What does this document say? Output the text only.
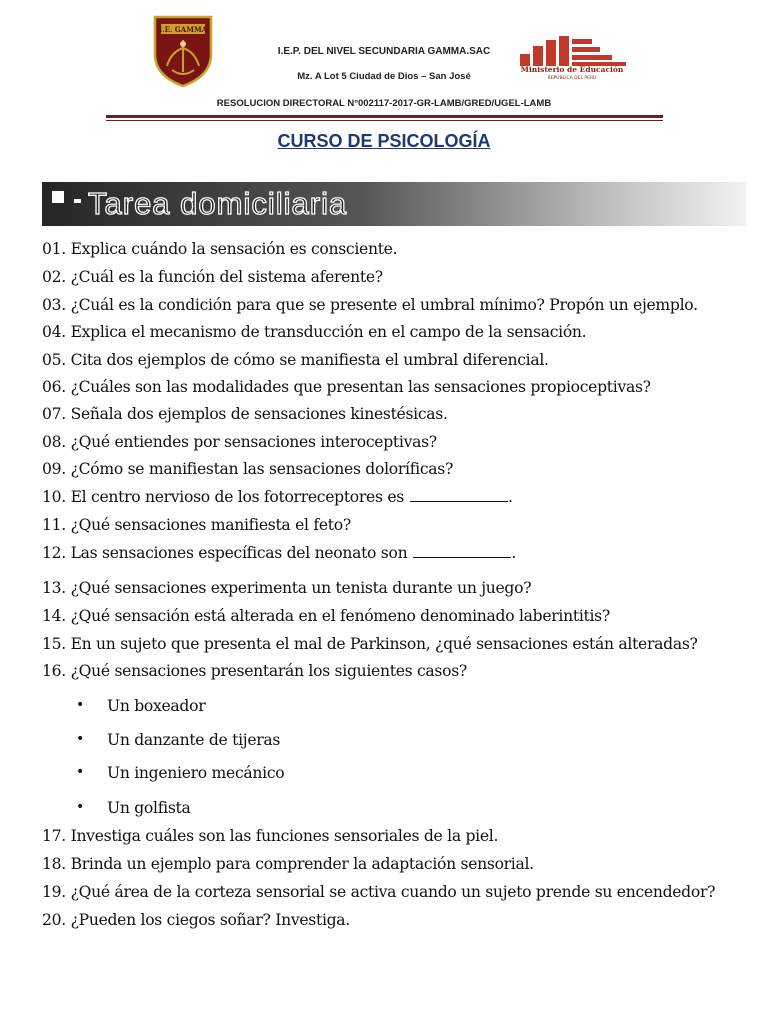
I.E. GAMMA
I.E.P. DEL NIVEL SECUNDARIA GAMMA.SAC
Mz. A Lot 5 Ciudad de Dios – San José
Ministerio de Educación
REPÚBLICA DEL PERÚ
RESOLUCION DIRECTORAL N°002117-2017-GR-LAMB/GRED/UGEL-LAMB
CURSO DE PSICOLOGÍA
Tarea domiciliaria
01. Explica cuándo la sensación es consciente.
02. ¿Cuál es la función del sistema aferente?
03. ¿Cuál es la condición para que se presente el umbral mínimo? Propón un ejemplo.
04. Explica el mecanismo de transducción en el campo de la sensación.
05. Cita dos ejemplos de cómo se manifiesta el umbral diferencial.
06. ¿Cuáles son las modalidades que presentan las sensaciones propioceptivas?
07. Señala dos ejemplos de sensaciones kinestésicas.
08. ¿Qué entiendes por sensaciones interoceptivas?
09. ¿Cómo se manifiestan las sensaciones doloríficas?
10. El centro nervioso de los fotorreceptores es	.
11. ¿Qué sensaciones manifiesta el feto?
12. Las sensaciones específicas del neonato son	.
13. ¿Qué sensaciones experimenta un tenista durante un juego?
14. ¿Qué sensación está alterada en el fenómeno denominado laberintitis?
15. En un sujeto que presenta el mal de Parkinson, ¿qué sensaciones están alteradas?
16. ¿Qué sensaciones presentarán los siguientes casos?
• Un boxeador
• Un danzante de tijeras
• Un ingeniero mecánico
• Un golfista
17. Investiga cuáles son las funciones sensoriales de la piel.
18. Brinda un ejemplo para comprender la adaptación sensorial.
19. ¿Qué área de la corteza sensorial se activa cuando un sujeto prende su encendedor?
20. ¿Pueden los ciegos soñar? Investiga.
